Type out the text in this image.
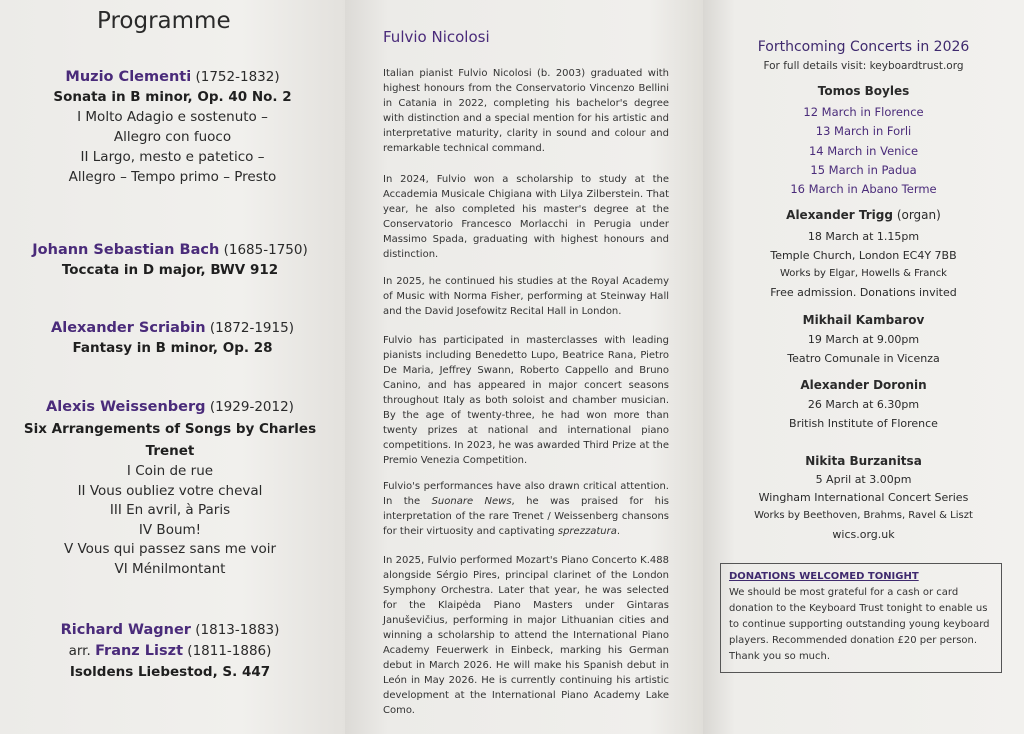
Programme
Muzio Clementi (1752-1832)
Sonata in B minor, Op. 40 No. 2
I Molto Adagio e sostenuto –
Allegro con fuoco
II Largo, mesto e patetico –
Allegro – Tempo primo – Presto
Johann Sebastian Bach (1685-1750)
Toccata in D major, BWV 912
Alexander Scriabin (1872-1915)
Fantasy in B minor, Op. 28
Alexis Weissenberg (1929-2012)
Six Arrangements of Songs by Charles
Trenet
I Coin de rue
II Vous oubliez votre cheval
III En avril, à Paris
IV Boum!
V Vous qui passez sans me voir
VI Ménilmontant
Richard Wagner (1813-1883)
arr. Franz Liszt (1811-1886)
Isoldens Liebestod, S. 447
Fulvio Nicolosi
Italian pianist Fulvio Nicolosi (b. 2003) graduated with highest honours from the Conservatorio Vincenzo Bellini in Catania in 2022, completing his bachelor's degree with distinction and a special mention for his artistic and interpretative maturity, clarity in sound and colour and remarkable technical command.
In 2024, Fulvio won a scholarship to study at the Accademia Musicale Chigiana with Lilya Zilberstein. That year, he also completed his master's degree at the Conservatorio Francesco Morlacchi in Perugia under Massimo Spada, graduating with highest honours and distinction.
In 2025, he continued his studies at the Royal Academy of Music with Norma Fisher, performing at Steinway Hall and the David Josefowitz Recital Hall in London.
Fulvio has participated in masterclasses with leading pianists including Benedetto Lupo, Beatrice Rana, Pietro De Maria, Jeffrey Swann, Roberto Cappello and Bruno Canino, and has appeared in major concert seasons throughout Italy as both soloist and chamber musician. By the age of twenty-three, he had won more than twenty prizes at national and international piano competitions. In 2023, he was awarded Third Prize at the Premio Venezia Competition.
Fulvio's performances have also drawn critical attention. In the Suonare News, he was praised for his interpretation of the rare Trenet / Weissenberg chansons for their virtuosity and captivating sprezzatura.
In 2025, Fulvio performed Mozart's Piano Concerto K.488 alongside Sérgio Pires, principal clarinet of the London Symphony Orchestra. Later that year, he was selected for the Klaipėda Piano Masters under Gintaras Januševičius, performing in major Lithuanian cities and winning a scholarship to attend the International Piano Academy Feuerwerk in Einbeck, marking his German debut in March 2026. He will make his Spanish debut in León in May 2026. He is currently continuing his artistic development at the International Piano Academy Lake Como.
Forthcoming Concerts in 2026
For full details visit: keyboardtrust.org
Tomos Boyles
12 March in Florence
13 March in Forli
14 March in Venice
15 March in Padua
16 March in Abano Terme
Alexander Trigg (organ)
18 March at 1.15pm
Temple Church, London EC4Y 7BB
Works by Elgar, Howells & Franck
Free admission. Donations invited
Mikhail Kambarov
19 March at 9.00pm
Teatro Comunale in Vicenza
Alexander Doronin
26 March at 6.30pm
British Institute of Florence
Nikita Burzanitsa
5 April at 3.00pm
Wingham International Concert Series
Works by Beethoven, Brahms, Ravel & Liszt
wics.org.uk
DONATIONS WELCOMED TONIGHT
We should be most grateful for a cash or card
donation to the Keyboard Trust tonight to enable us
to continue supporting outstanding young keyboard
players. Recommended donation £20 per person.
Thank you so much.
